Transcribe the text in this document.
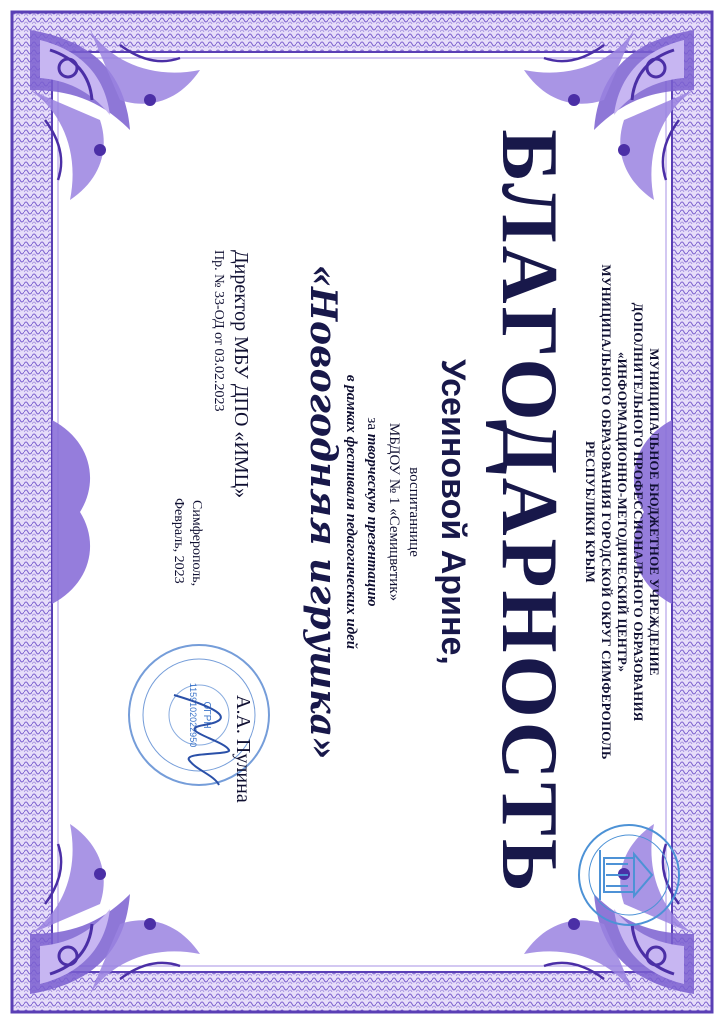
МУНИЦИПАЛЬНОЕ БЮДЖЕТНОЕ УЧРЕЖДЕНИЕ

ДОПОЛНИТЕЛЬНОГО ПРОФЕССИОНАЛЬНОГО ОБРАЗОВАНИЯ

«ИНФОРМАЦИОННО-МЕТОДИЧЕСКИЙ ЦЕНТР»

МУНИЦИПАЛЬНОГО ОБРАЗОВАНИЯ ГОРОДСКОЙ ОКРУГ СИМФЕРОПОЛЬ

РЕСПУБЛИКИ КРЫМ

БЛАГОДАРНОСТЬ

Усеиновой Арине,

воспитаннице

МБДОУ № 1 «Семицветик»

за творческую презентацию

в рамках фестиваля педагогических идей

«Новогодняя игрушка»

ОГРН
1159102022950
Директор МБУ ДПО «ИМЦ»
Пр. № 33-ОД от 03.02.2023
А.А. Пулина
Симферополь,
Февраль, 2023
